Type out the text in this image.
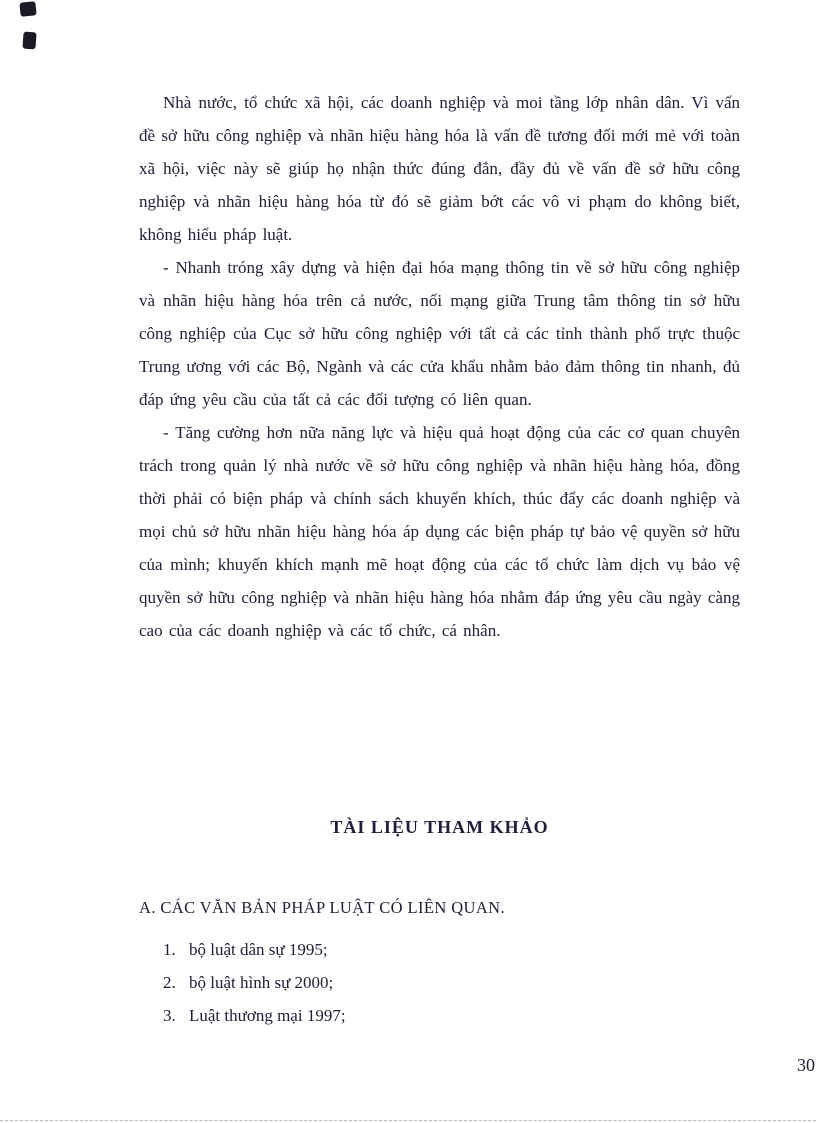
Nhà nước, tổ chức xã hội, các doanh nghiệp và moi tầng lớp nhân dân. Vì vấn đề sở hữu công nghiệp và nhãn hiệu hàng hóa là vấn đề tương đối mới mẻ với toàn xã hội, việc này sẽ giúp họ nhận thức đúng đắn, đầy đủ về vấn đề sở hữu công nghiệp và nhãn hiệu hàng hóa từ đó sẽ giảm bớt các vô vi phạm do không biết, không hiểu pháp luật.

- Nhanh tróng xây dựng và hiện đại hóa mạng thông tin về sở hữu công nghiệp và nhãn hiệu hàng hóa trên cả nước, nối mạng giữa Trung tâm thông tin sở hữu công nghiệp của Cục sở hữu công nghiệp với tất cả các tỉnh thành phố trực thuộc Trung ương với các Bộ, Ngành và các cửa khẩu nhằm bảo đảm thông tin nhanh, đủ đáp ứng yêu cầu của tất cả các đối tượng có liên quan.

- Tăng cường hơn nữa năng lực và hiệu quả hoạt động của các cơ quan chuyên trách trong quản lý nhà nước về sở hữu công nghiệp và nhãn hiệu hàng hóa, đồng thời phải có biện pháp và chính sách khuyến khích, thúc đẩy các doanh nghiệp và mọi chủ sở hữu nhãn hiệu hàng hóa áp dụng các biện pháp tự bảo vệ quyền sở hữu của mình; khuyến khích mạnh mẽ hoạt động của các tổ chức làm dịch vụ bảo vệ quyền sở hữu công nghiệp và nhãn hiệu hàng hóa nhằm đáp ứng yêu cầu ngày càng cao của các doanh nghiệp và các tổ chức, cá nhân.

TÀI LIỆU THAM KHẢO

A. CÁC VĂN BẢN PHÁP LUẬT CÓ LIÊN QUAN.

1. bộ luật dân sự 1995;
2. bộ luật hình sự 2000;
3. Luật thương mại 1997;
30
